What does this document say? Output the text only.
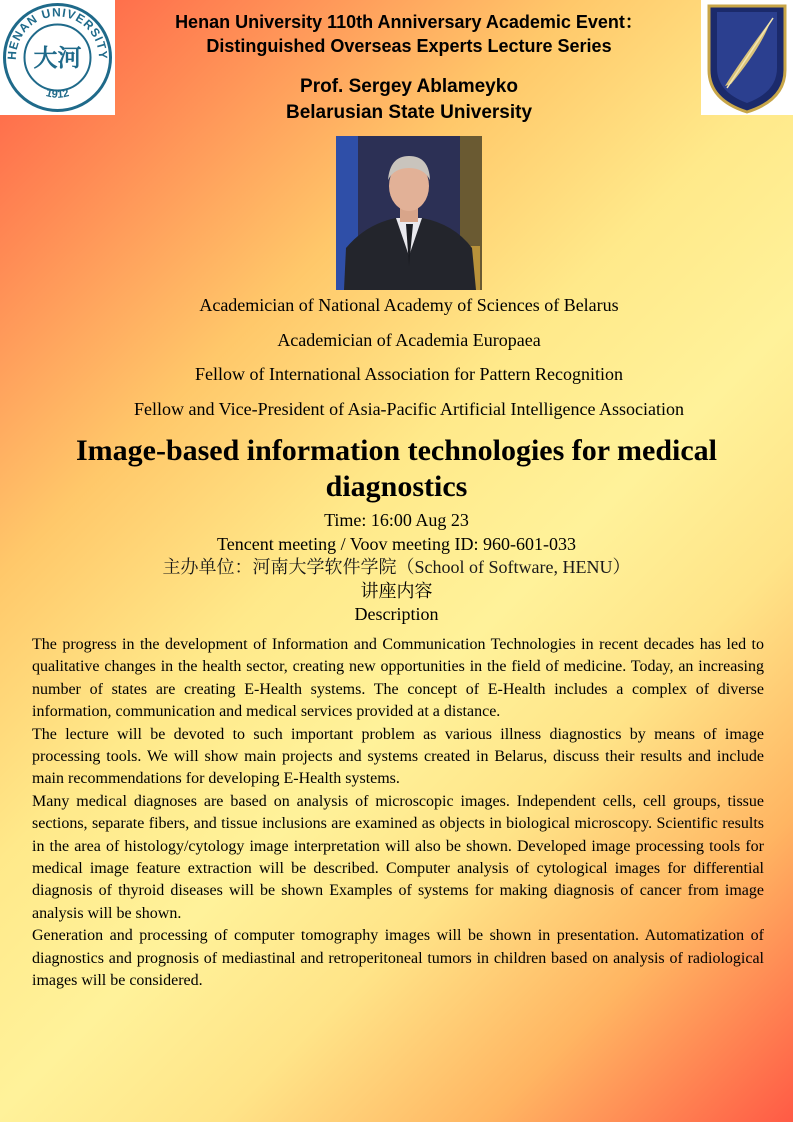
HENAN UNIVERSITY
1912
大河
Henan University 110th Anniversary Academic Event：
Distinguished Overseas Experts Lecture Series
Prof. Sergey Ablameyko
Belarusian State University
Academician of National Academy of Sciences of Belarus
Academician of Academia Europaea
Fellow of International Association for Pattern Recognition
Fellow and Vice-President of Asia-Pacific Artificial Intelligence Association
Image-based information technologies for medical diagnostics
Time: 16:00 Aug 23
Tencent meeting / Voov meeting ID: 960-601-033
主办单位：河南大学软件学院（School of Software, HENU）
讲座内容
Description

The progress in the development of Information and Communication Technologies in recent decades has led to qualitative changes in the health sector, creating new opportunities in the field of medicine. Today, an increasing number of states are creating E-Health systems. The concept of E-Health includes a complex of diverse information, communication and medical services provided at a distance.

The lecture will be devoted to such important problem as various illness diagnostics by means of image processing tools. We will show main projects and systems created in Belarus, discuss their results and include main recommendations for developing E-Health systems.

Many medical diagnoses are based on analysis of microscopic images. Independent cells, cell groups, tissue sections, separate fibers, and tissue inclusions are examined as objects in biological microscopy. Scientific results in the area of histology/cytology image interpretation will also be shown. Developed image processing tools for medical image feature extraction will be described. Computer analysis of cytological images for differential diagnosis of thyroid diseases will be shown Examples of systems for making diagnosis of cancer from image analysis will be shown.

Generation and processing of computer tomography images will be shown in presentation. Automatization of diagnostics and prognosis of mediastinal and retroperitoneal tumors in children based on analysis of radiological images will be considered.
